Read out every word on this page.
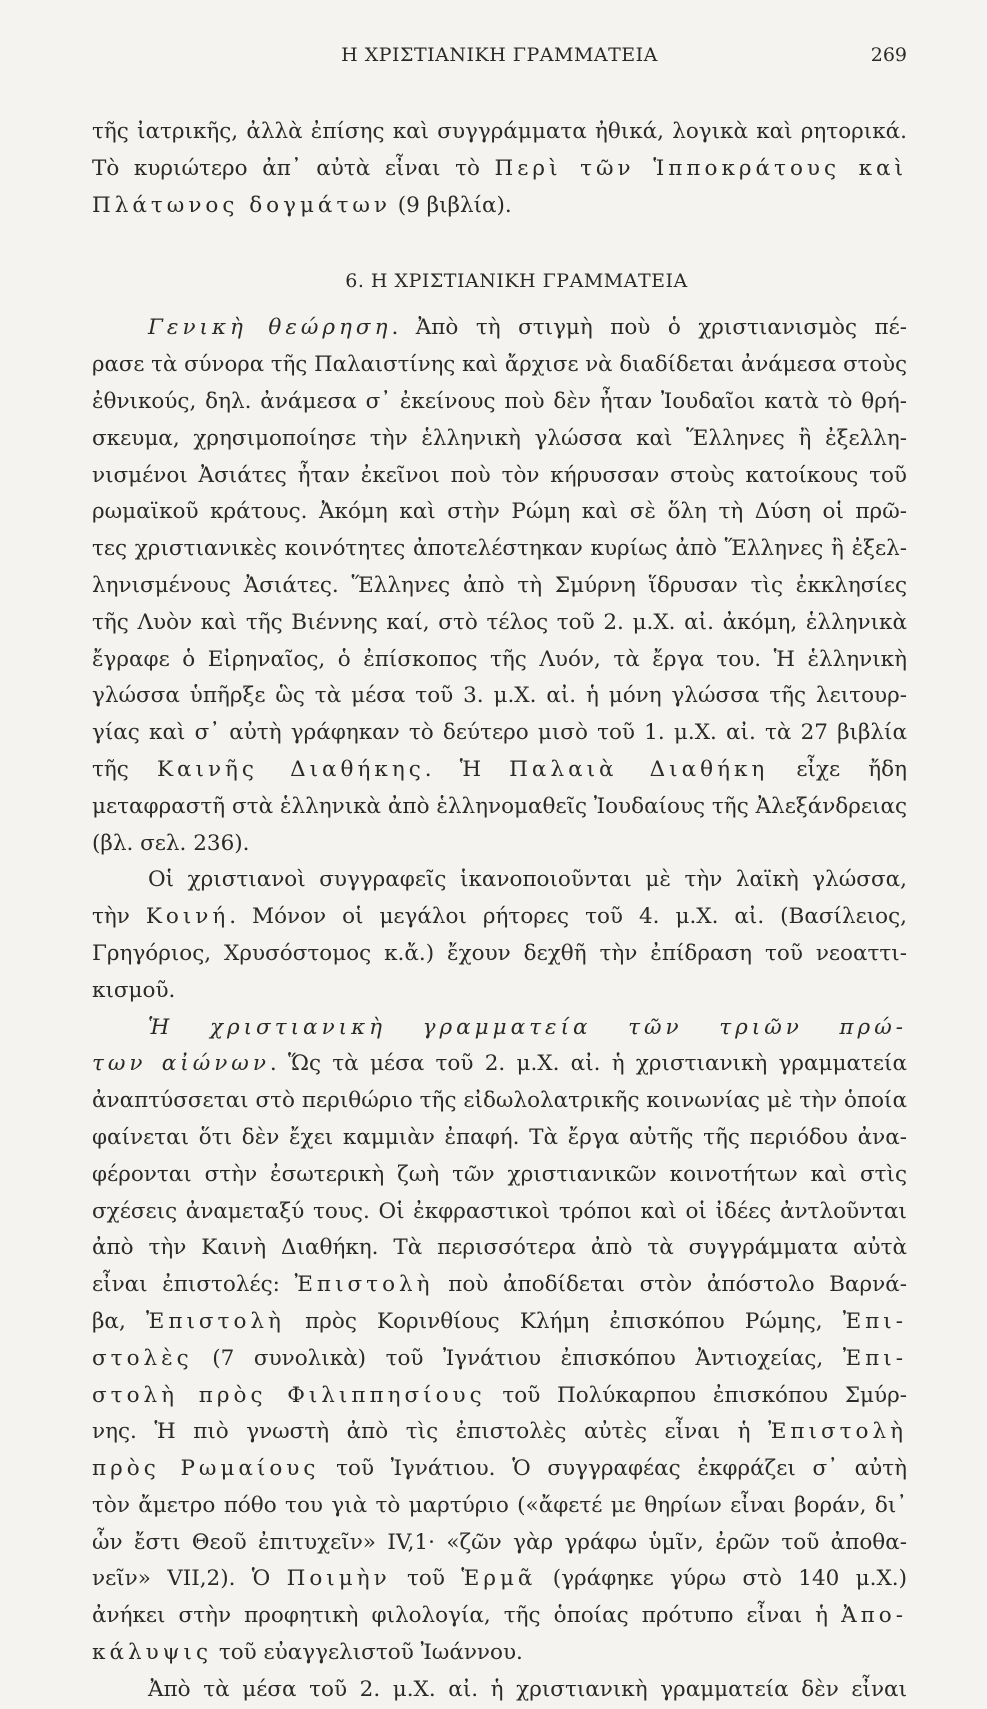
Η ΧΡΙΣΤΙΑΝΙΚΗ ΓΡΑΜΜΑΤΕΙΑ	269
τῆς ἰατρικῆς, ἀλλὰ ἐπίσης καὶ συγγράμματα ἠθικά, λογικὰ καὶ ρητορικά.
Τὸ κυριώτερο ἀπ᾽ αὐτὰ εἶναι τὸ Περὶ τῶν Ἱπποκράτους καὶ
Πλάτωνος δογμάτων (9 βιβλία).
6. Η ΧΡΙΣΤΙΑΝΙΚΗ ΓΡΑΜΜΑΤΕΙΑ
Γενικὴ θεώρηση. Ἀπὸ τὴ στιγμὴ ποὺ ὁ χριστιανισμὸς πέ-
ρασε τὰ σύνορα τῆς Παλαιστίνης καὶ ἄρχισε νὰ διαδίδεται ἀνάμεσα στοὺς
ἐθνικούς, δηλ. ἀνάμεσα σ᾽ ἐκείνους ποὺ δὲν ἦταν Ἰουδαῖοι κατὰ τὸ θρή-
σκευμα, χρησιμοποίησε τὴν ἑλληνικὴ γλώσσα καὶ Ἕλληνες ἢ ἐξελλη-
νισμένοι Ἀσιάτες ἦταν ἐκεῖνοι ποὺ τὸν κήρυσσαν στοὺς κατοίκους τοῦ
ρωμαϊκοῦ κράτους. Ἀκόμη καὶ στὴν Ρώμη καὶ σὲ ὅλη τὴ Δύση οἱ πρῶ-
τες χριστιανικὲς κοινότητες ἀποτελέστηκαν κυρίως ἀπὸ Ἕλληνες ἢ ἐξελ-
ληνισμένους Ἀσιάτες. Ἕλληνες ἀπὸ τὴ Σμύρνη ἵδρυσαν τὶς ἐκκλησίες
τῆς Λυὸν καὶ τῆς Βιέννης καί, στὸ τέλος τοῦ 2. μ.Χ. αἰ. ἀκόμη, ἑλληνικὰ
ἔγραφε ὁ Εἰρηναῖος, ὁ ἐπίσκοπος τῆς Λυόν, τὰ ἔργα του. Ἡ ἑλληνικὴ
γλώσσα ὑπῆρξε ὣς τὰ μέσα τοῦ 3. μ.Χ. αἰ. ἡ μόνη γλώσσα τῆς λειτουρ-
γίας καὶ σ᾽ αὐτὴ γράφηκαν τὸ δεύτερο μισὸ τοῦ 1. μ.Χ. αἰ. τὰ 27 βιβλία
τῆς Καινῆς Διαθήκης. Ἡ Παλαιὰ Διαθήκη εἶχε ἤδη
μεταφραστῆ στὰ ἑλληνικὰ ἀπὸ ἑλληνομαθεῖς Ἰουδαίους τῆς Ἀλεξάνδρειας
(βλ. σελ. 236).
Οἱ χριστιανοὶ συγγραφεῖς ἱκανοποιοῦνται μὲ τὴν λαϊκὴ γλώσσα,
τὴν Κοινή. Μόνον οἱ μεγάλοι ρήτορες τοῦ 4. μ.Χ. αἰ. (Βασίλειος,
Γρηγόριος, Χρυσόστομος κ.ἄ.) ἔχουν δεχθῆ τὴν ἐπίδραση τοῦ νεοαττι-
κισμοῦ.
Ἡ χριστιανικὴ γραμματεία τῶν τριῶν πρώ-
των αἰώνων. Ὥς τὰ μέσα τοῦ 2. μ.Χ. αἰ. ἡ χριστιανικὴ γραμματεία
ἀναπτύσσεται στὸ περιθώριο τῆς εἰδωλολατρικῆς κοινωνίας μὲ τὴν ὁποία
φαίνεται ὅτι δὲν ἔχει καμμιὰν ἐπαφή. Τὰ ἔργα αὐτῆς τῆς περιόδου ἀνα-
φέρονται στὴν ἐσωτερικὴ ζωὴ τῶν χριστιανικῶν κοινοτήτων καὶ στὶς
σχέσεις ἀναμεταξύ τους. Οἱ ἐκφραστικοὶ τρόποι καὶ οἱ ἰδέες ἀντλοῦνται
ἀπὸ τὴν Καινὴ Διαθήκη. Τὰ περισσότερα ἀπὸ τὰ συγγράμματα αὐτὰ
εἶναι ἐπιστολές: Ἐπιστολὴ ποὺ ἀποδίδεται στὸν ἀπόστολο Βαρνά-
βα, Ἐπιστολὴ πρὸς Κορινθίους Κλήμη ἐπισκόπου Ρώμης, Ἐπι-
στολὲς (7 συνολικὰ) τοῦ Ἰγνάτιου ἐπισκόπου Ἀντιοχείας, Ἐπι-
στολὴ πρὸς Φιλιππησίους τοῦ Πολύκαρπου ἐπισκόπου Σμύρ-
νης. Ἡ πιὸ γνωστὴ ἀπὸ τὶς ἐπιστολὲς αὐτὲς εἶναι ἡ Ἐπιστολὴ
πρὸς Ρωμαίους τοῦ Ἰγνάτιου. Ὁ συγγραφέας ἐκφράζει σ᾽ αὐτὴ
τὸν ἄμετρο πόθο του γιὰ τὸ μαρτύριο («ἄφετέ με θηρίων εἶναι βοράν, δι᾽
ὧν ἔστι Θεοῦ ἐπιτυχεῖν» IV,1· «ζῶν γὰρ γράφω ὑμῖν, ἐρῶν τοῦ ἀποθα-
νεῖν» VII,2). Ὁ Ποιμὴν τοῦ Ἑρμᾶ (γράφηκε γύρω στὸ 140 μ.Χ.)
ἀνήκει στὴν προφητικὴ φιλολογία, τῆς ὁποίας πρότυπο εἶναι ἡ Ἀπο-
κάλυψις τοῦ εὐαγγελιστοῦ Ἰωάννου.
Ἀπὸ τὰ μέσα τοῦ 2. μ.Χ. αἰ. ἡ χριστιανικὴ γραμματεία δὲν εἶναι
